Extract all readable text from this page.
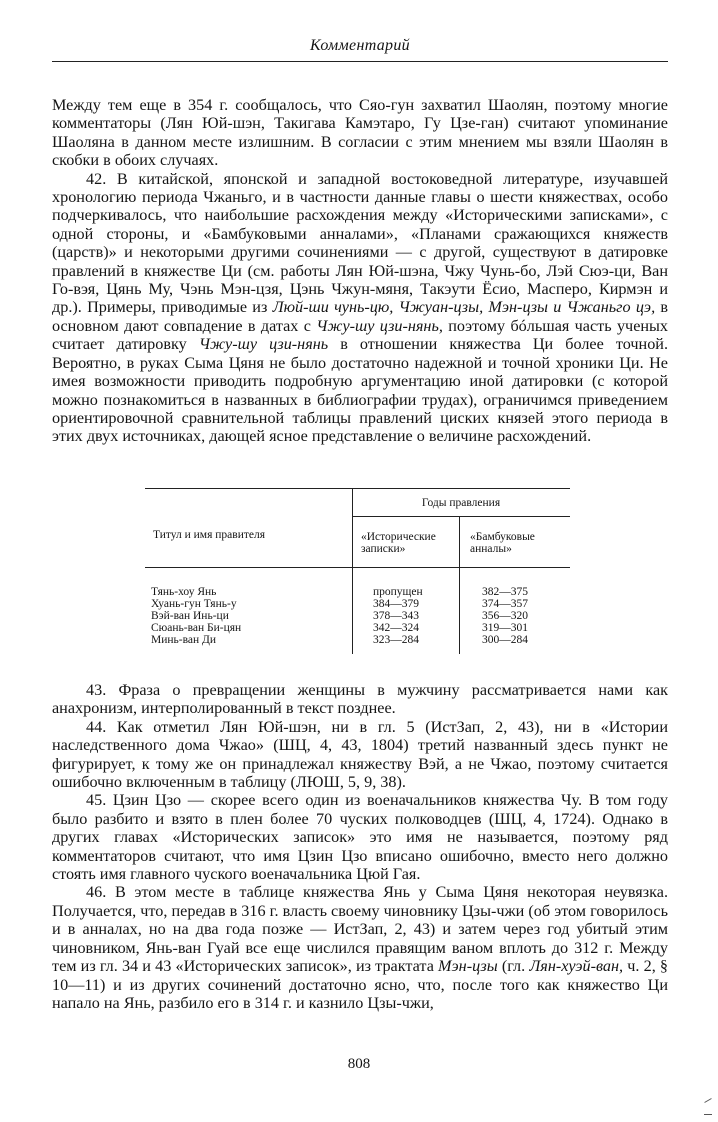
Комментарий

Между тем еще в 354 г. сообщалось, что Сяо-гун захватил Шаолян, поэтому многие комментаторы (Лян Юй-шэн, Такигава Камэтаро, Гу Цзе-ган) считают упоминание Шаоляна в данном месте излишним. В согласии с этим мнением мы взяли Шаолян в скобки в обоих случаях.

42. В китайской, японской и западной востоковедной литературе, изучавшей хронологию периода Чжаньго, и в частности данные главы о шести княжествах, особо подчеркивалось, что наибольшие расхождения между «Историческими записками», с одной стороны, и «Бамбуковыми анналами», «Планами сражающихся княжеств (царств)» и некоторыми другими сочинениями — с другой, существуют в датировке правлений в княжестве Ци (см. работы Лян Юй-шэна, Чжу Чунь-бо, Лэй Сюэ-ци, Ван Го-вэя, Цянь Му, Чэнь Мэн-цзя, Цэнь Чжун-мяня, Такэути Ёсио, Масперо, Кирмэн и др.). Примеры, приводимые из Люй-ши чунь-цю, Чжуан-цзы, Мэн-цзы и Чжаньго цэ, в основном дают совпадение в датах с Чжу-шу цзи-нянь, поэтому бóльшая часть ученых считает датировку Чжу-шу цзи-нянь в отношении княжества Ци более точной. Вероятно, в руках Сыма Цяня не было достаточно надежной и точной хроники Ци. Не имея возможности приводить подробную аргументацию иной датировки (с которой можно познакомиться в названных в библиографии трудах), ограничимся приведением ориентировочной сравнительной таблицы правлений циских князей этого периода в этих двух источниках, дающей ясное представление о величине расхождений.

Титул и имя правителя
Годы правления
«Исторические
записки»
«Бамбуковые
анналы»
Тянь-хоу Янь
Хуань-гун Тянь-у
Вэй-ван Инь-ци
Сюань-ван Би-цян
Минь-ван Ди
пропущен
384—379
378—343
342—324
323—284
382—375
374—357
356—320
319—301
300—284

43. Фраза о превращении женщины в мужчину рассматривается нами как анахронизм, интерполированный в текст позднее.

44. Как отметил Лян Юй-шэн, ни в гл. 5 (ИстЗап, 2, 43), ни в «Истории наследственного дома Чжао» (ШЦ, 4, 43, 1804) третий названный здесь пункт не фигурирует, к тому же он принадлежал княжеству Вэй, а не Чжао, поэтому считается ошибочно включенным в таблицу (ЛЮШ, 5, 9, 38).

45. Цзин Цзо — скорее всего один из военачальников княжества Чу. В том году было разбито и взято в плен более 70 чуских полководцев (ШЦ, 4, 1724). Однако в других главах «Исторических записок» это имя не называется, поэтому ряд комментаторов считают, что имя Цзин Цзо вписано ошибочно, вместо него должно стоять имя главного чуского военачальника Цюй Гая.

46. В этом месте в таблице княжества Янь у Сыма Цяня некоторая неувязка. Получается, что, передав в 316 г. власть своему чиновнику Цзы-чжи (об этом говорилось и в анналах, но на два года позже — ИстЗап, 2, 43) и затем через год убитый этим чиновником, Янь-ван Гуай все еще числился правящим ваном вплоть до 312 г. Между тем из гл. 34 и 43 «Исторических записок», из трактата Мэн-цзы (гл. Лян-хуэй-ван, ч. 2, § 10—11) и из других сочинений достаточно ясно, что, после того как княжество Ци напало на Янь, разбило его в 314 г. и казнило Цзы-чжи,

808
